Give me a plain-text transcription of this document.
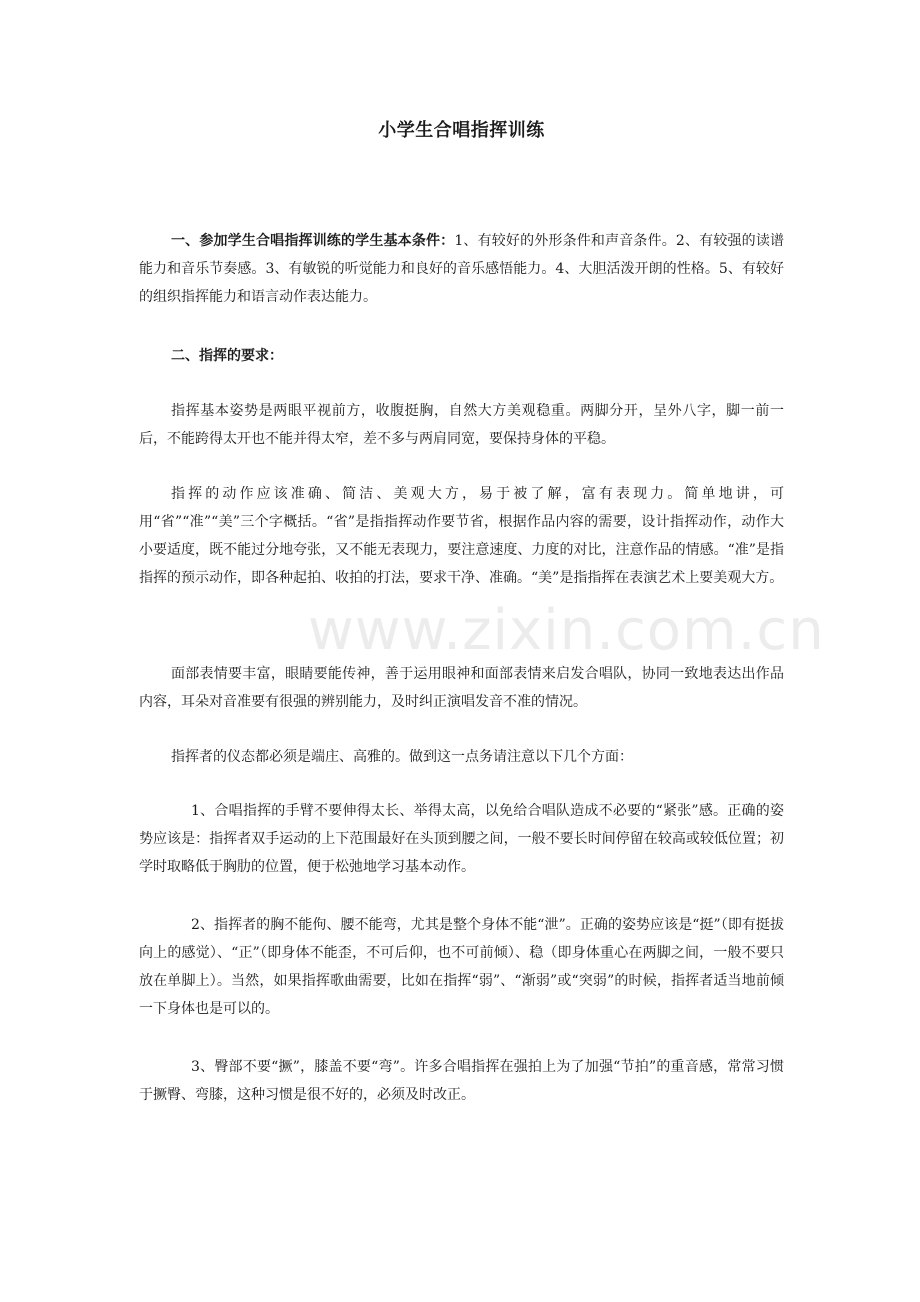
小学生合唱指挥训练

一、参加学生合唱指挥训练的学生基本条件：1、有较好的外形条件和声音条件。2、有较强的读谱能力和音乐节奏感。3、有敏锐的听觉能力和良好的音乐感悟能力。4、大胆活泼开朗的性格。5、有较好的组织指挥能力和语言动作表达能力。

二、指挥的要求：

指挥基本姿势是两眼平视前方，收腹挺胸，自然大方美观稳重。两脚分开，呈外八字，脚一前一后，不能跨得太开也不能并得太窄，差不多与两肩同宽，要保持身体的平稳。

指挥的动作应该准确、简洁、美观大方，易于被了解，富有表现力。简单地讲，可用“省”“准”“美”三个字概括。“省”是指指挥动作要节省，根据作品内容的需要，设计指挥动作，动作大小要适度，既不能过分地夸张，又不能无表现力，要注意速度、力度的对比，注意作品的情感。“准”是指指挥的预示动作，即各种起拍、收拍的打法，要求干净、准确。“美”是指指挥在表演艺术上要美观大方。

面部表情要丰富，眼睛要能传神，善于运用眼神和面部表情来启发合唱队，协同一致地表达出作品内容，耳朵对音准要有很强的辨别能力，及时纠正演唱发音不准的情况。

指挥者的仪态都必须是端庄、高雅的。做到这一点务请注意以下几个方面：

1、合唱指挥的手臂不要伸得太长、举得太高，以免给合唱队造成不必要的“紧张”感。正确的姿势应该是：指挥者双手运动的上下范围最好在头顶到腰之间，一般不要长时间停留在较高或较低位置；初学时取略低于胸肋的位置，便于松弛地学习基本动作。

2、指挥者的胸不能佝、腰不能弯，尤其是整个身体不能“泄”。正确的姿势应该是“挺”（即有挺拔向上的感觉）、“正”（即身体不能歪，不可后仰，也不可前倾）、稳（即身体重心在两脚之间，一般不要只放在单脚上）。当然，如果指挥歌曲需要，比如在指挥“弱”、“渐弱”或“突弱”的时候，指挥者适当地前倾一下身体也是可以的。

3、臀部不要“撅”，膝盖不要“弯”。许多合唱指挥在强拍上为了加强“节拍”的重音感，常常习惯于撅臀、弯膝，这种习惯是很不好的，必须及时改正。

www.zixin.com.cn
